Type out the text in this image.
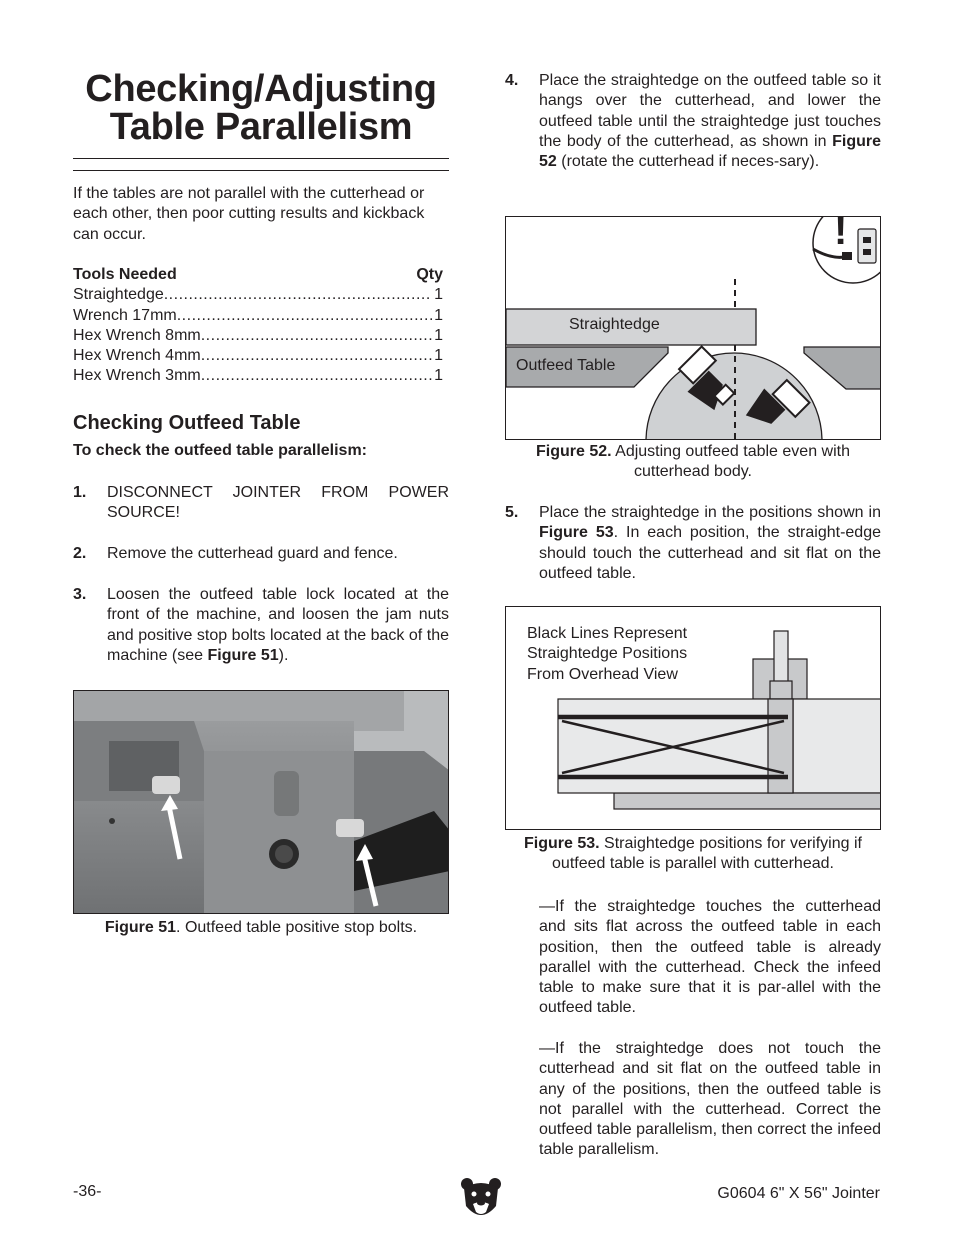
Checking/Adjusting
Table Parallelism
If the tables are not parallel with the cutterhead or each other, then poor cutting results and kickback can occur.
Tools Needed	Qty
Straightedge .....	1
Wrench 17mm .....	1
Hex Wrench 8mm .....	1
Hex Wrench 4mm .....	1
Hex Wrench 3mm .....	1
Checking Outfeed Table
To check the outfeed table parallelism:
1.	DISCONNECT JOINTER FROM POWER SOURCE!
2.	Remove the cutterhead guard and fence.
3.	Loosen the outfeed table lock located at the front of the machine, and loosen the jam nuts and positive stop bolts located at the back of the machine (see Figure 51).
Figure 51. Outfeed table positive stop bolts.
4.	Place the straightedge on the outfeed table so it hangs over the cutterhead, and lower the outfeed table until the straightedge just touches the body of the cutterhead, as shown in Figure 52 (rotate the cutterhead if neces-sary).
!
Straightedge
Outfeed Table
Figure 52. Adjusting outfeed table even with cutterhead body.
5.	Place the straightedge in the positions shown in Figure 53. In each position, the straight-edge should touch the cutterhead and sit flat on the outfeed table.
Black Lines Represent
Straightedge Positions
From Overhead View
Figure 53. Straightedge positions for verifying if outfeed table is parallel with cutterhead.
—If the straightedge touches the cutterhead and sits flat across the outfeed table in each position, then the outfeed table is already parallel with the cutterhead. Check the infeed table to make sure that it is par-allel with the outfeed table.
—If the straightedge does not touch the cutterhead and sit flat on the outfeed table in any of the positions, then the outfeed table is not parallel with the cutterhead. Correct the outfeed table parallelism, then correct the infeed table parallelism.
-36-	G0604 6" X 56" Jointer
